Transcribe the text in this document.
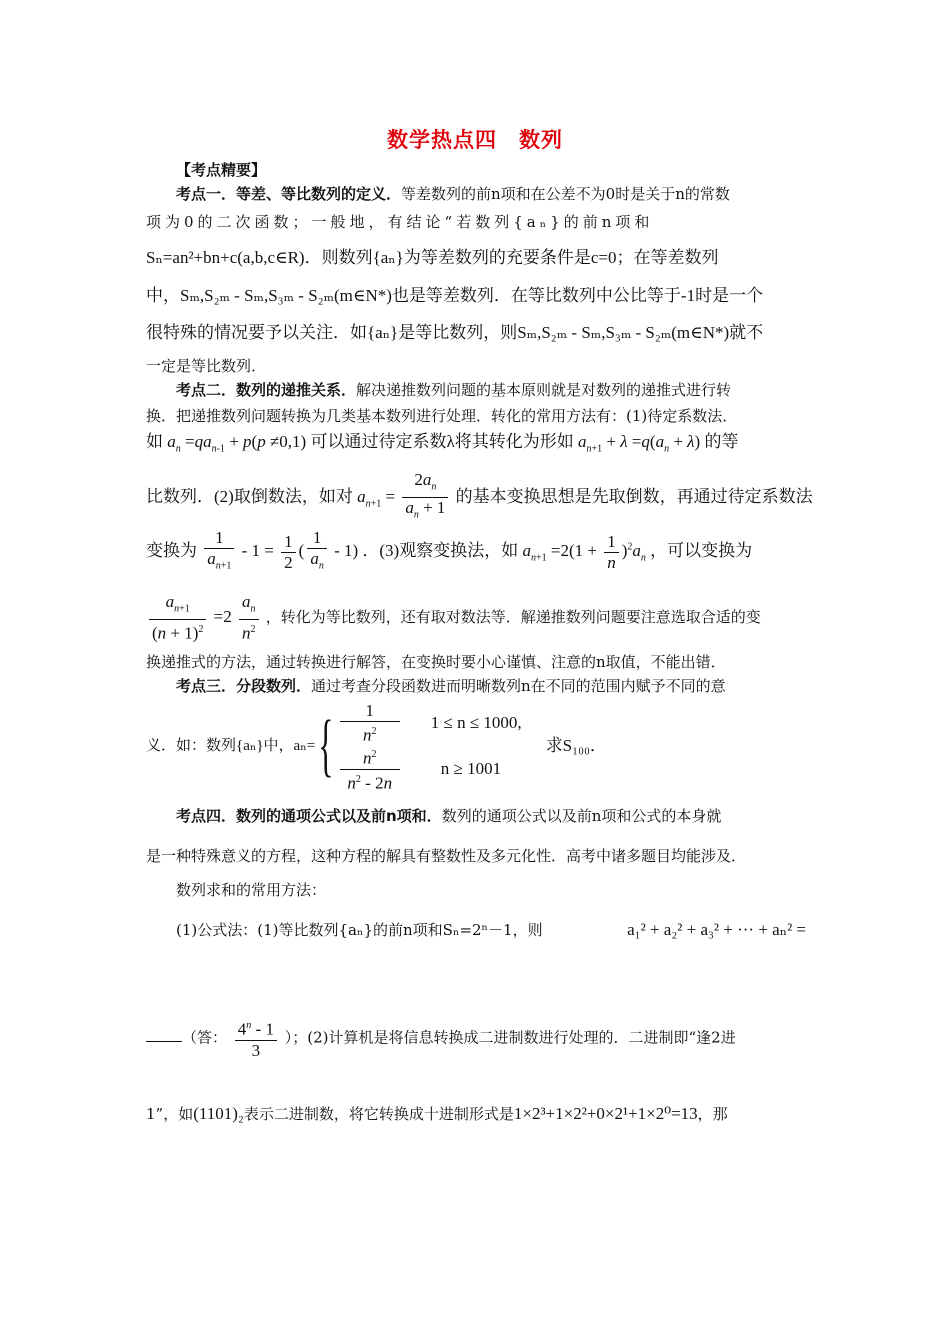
数学热点四　数列
【考点精要】
考点一．等差、等比数列的定义．等差数列的前n项和在公差不为0时是关于n的常数
项为0的二次函数；一般地，有结论“若数列{aₙ}的前n项和
Sₙ=an²+bn+c(a,b,c∈R)．则数列{aₙ}为等差数列的充要条件是c=0；在等差数列
中，Sₘ,S₂ₘ - Sₘ,S₃ₘ - S₂ₘ(m∈N*)也是等差数列．在等比数列中公比等于-1时是一个
很特殊的情况要予以关注．如{aₙ}是等比数列，则Sₘ,S₂ₘ - Sₘ,S₃ₘ - S₂ₘ(m∈N*)就不
一定是等比数列．
考点二．数列的递推关系．解决递推数列问题的基本原则就是对数列的递推式进行转
换．把递推数列问题转换为几类基本数列进行处理．转化的常用方法有：(1)待定系数法．
如 $a_n =qa_{n-1} + p(p \ne 0,1)$ 可以通过待定系数λ将其转化为形如 $a_{n+1} + \lambda =q(a_n + \lambda)$ 的等
比数列．(2)取倒数法，如对 $a_{n+1} = \frac{2a_n}{a_n + 1}$ 的基本变换思想是先取倒数，再通过待定系数法
变换为 $\frac{1}{a_{n+1}} - 1 = \frac{1}{2}$ ( $\frac{1}{a_n} - 1$) ．(3)观察变换法，如 $a_{n+1} =2(1 + \frac{1}{n} )^2a_n$ ，可以变换为
$\frac{a_{n+1}}{(n + 1)^2} =2 \frac{a_n}{n^2}$ ，转化为等比数列，还有取对数法等．解递推数列问题要注意选取合适的变
换递推式的方法，通过转换进行解答，在变换时要小心谨慎、注意的n取值，不能出错．
考点三．分段数列．通过考查分段函数进而明晰数列n在不同的范围内赋予不同的意
义．如：数列{aₙ}中，aₙ= { $\frac{1}{n^2} 1 \le n \le 1000$,
$\frac{n^2}{n^2 - 2n}$ n ≥ 1001
求S₁₀₀．
考点四．数列的通项公式以及前n项和．数列的通项公式以及前n项和公式的本身就
是一种特殊意义的方程，这种方程的解具有整数性及多元化性．高考中诸多题目均能涉及．
数列求和的常用方法：
(1)公式法：(1)等比数列{aₙ}的前n项和Sₙ=2ⁿ－1，则	a₁² + a₂² + a₃² + ··· + aₙ² =
（答： $\frac{4^n - 1}{3}$ ）；(2)计算机是将信息转换成二进制数进行处理的．二进制即“逢2进
1”，如(1101)₂表示二进制数，将它转换成十进制形式是1×2³+1×2²+0×2¹+1×2⁰=13，那
